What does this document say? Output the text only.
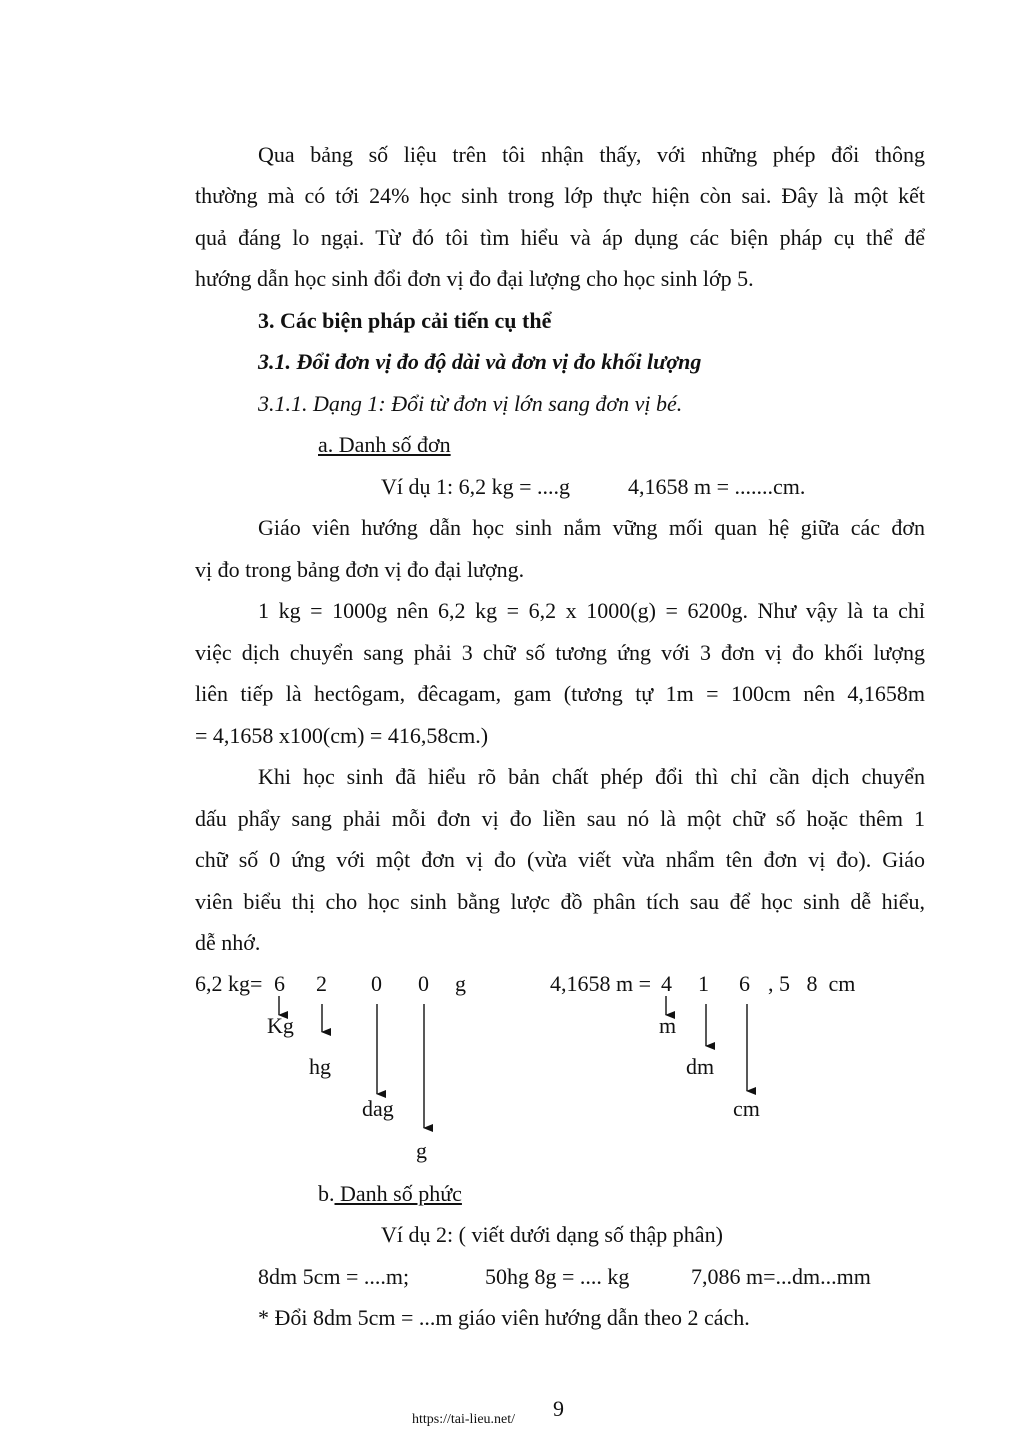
Qua bảng số liệu trên tôi nhận thấy, với những phép đổi thông
thường mà có tới 24% học sinh trong lớp thực hiện còn sai. Đây là một kết
quả đáng lo ngại. Từ đó tôi tìm hiểu và áp dụng các biện pháp cụ thể để
hướng dẫn học sinh đổi đơn vị đo đại lượng cho học sinh lớp 5.
3. Các biện pháp cải tiến cụ thể
3.1. Đổi đơn vị đo độ dài và đơn vị đo khối lượng
3.1.1. Dạng 1: Đổi từ đơn vị lớn sang đơn vị bé.
a. Danh số đơn
Ví dụ 1: 6,2 kg = ....g	4,1658 m = .......cm.
Giáo viên hướng dẫn học sinh nắm vững mối quan hệ giữa các đơn
vị đo trong bảng đơn vị đo đại lượng.
1 kg = 1000g nên 6,2 kg = 6,2 x 1000(g) = 6200g. Như vậy là ta chỉ
việc dịch chuyển sang phải 3 chữ số tương ứng với 3 đơn vị đo khối lượng
liên tiếp là hectôgam, đêcagam, gam (tương tự 1m = 100cm nên 4,1658m
= 4,1658 x100(cm) = 416,58cm.)
Khi học sinh đã hiểu rõ bản chất phép đổi thì chỉ cần dịch chuyển
dấu phẩy sang phải mỗi đơn vị đo liền sau nó là một chữ số hoặc thêm 1
chữ số 0 ứng với một đơn vị đo (vừa viết vừa nhẩm tên đơn vị đo). Giáo
viên biểu thị cho học sinh bằng lược đồ phân tích sau để học sinh dễ hiểu,
dễ nhớ.
6,2 kg= 6 2 0 0 g
Kg
hg
dag
g
4,1658 m = 4 1 6 , 5   8  cm
m
dm
cm
b. Danh số phức
Ví dụ 2: ( viết dưới dạng số thập phân)
8dm 5cm = ....m;	50hg 8g = .... kg	7,086 m=...dm...mm
* Đổi 8dm 5cm = ...m giáo viên hướng dẫn theo 2 cách.
9
https://tai-lieu.net/
